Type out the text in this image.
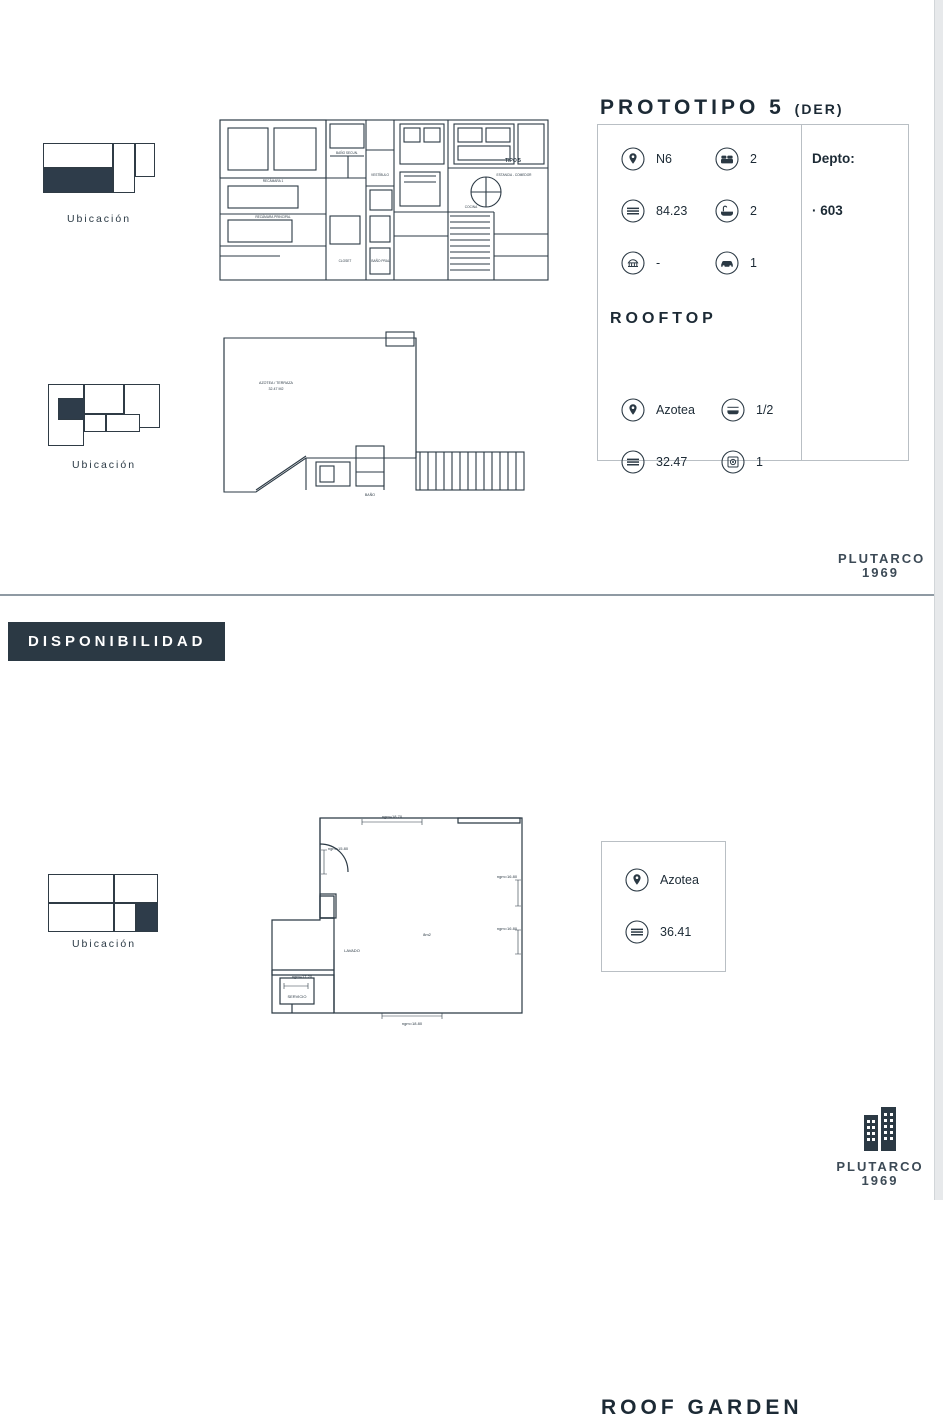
PROTOTIPO 5 (DER)
N6	2	Depto:
84.23	2	· 603
-	1
ROOFTOP
Azotea	1/2
32.47	1
Ubicación
Ubicación
BAÑO SECUN.
RECÁMARA 1
VESTÍBULO
RECÁMARA PRINCIPAL
CLOSET	BAÑO PRAL.
COCINA
ESTANCIA - COMEDOR
TIPO 5
AZOTEA / TERRAZA
32.47 M2
BAÑO
PLUTARCO
1969
DISPONIBILIDAD
ROOF GARDEN
Azotea
36.41
Ubicación
ngm=18.70
ngm=15.80
ngm=16.80
ngm=16.80
ngm=18.80
ngm=17.20
LAVADO
SERVICIO
8m2
PLUTARCO
1969
